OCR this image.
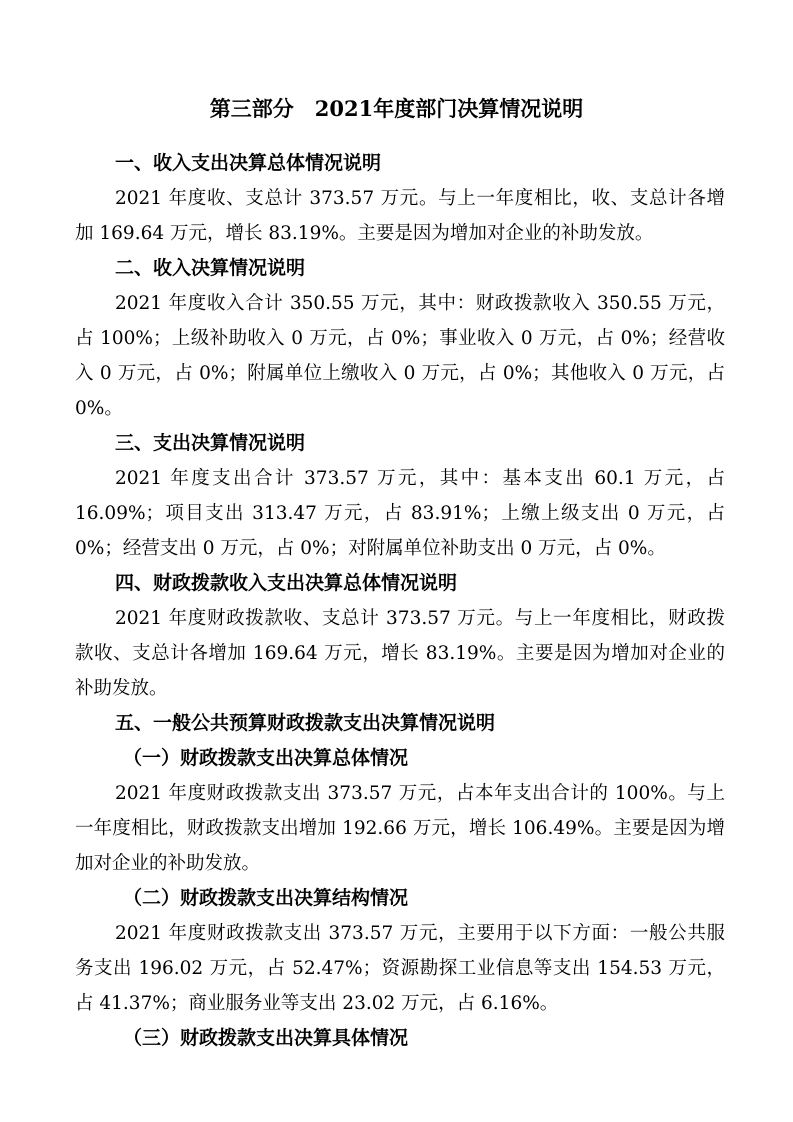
第三部分　2021年度部门决算情况说明
一、收入支出决算总体情况说明

2021 年度收、支总计 373.57 万元。与上一年度相比，收、支总计各增加 169.64 万元，增长 83.19%。主要是因为增加对企业的补助发放。

二、收入决算情况说明

2021 年度收入合计 350.55 万元，其中：财政拨款收入 350.55 万元，占 100%；上级补助收入 0 万元，占 0%；事业收入 0 万元，占 0%；经营收入 0 万元，占 0%；附属单位上缴收入 0 万元，占 0%；其他收入 0 万元，占 0%。

三、支出决算情况说明

2021 年度支出合计 373.57 万元，其中：基本支出 60.1 万元，占 16.09%；项目支出 313.47 万元，占 83.91%；上缴上级支出 0 万元，占 0%；经营支出 0 万元，占 0%；对附属单位补助支出 0 万元，占 0%。

四、财政拨款收入支出决算总体情况说明

2021 年度财政拨款收、支总计 373.57 万元。与上一年度相比，财政拨款收、支总计各增加 169.64 万元，增长 83.19%。主要是因为增加对企业的补助发放。

五、一般公共预算财政拨款支出决算情况说明
（一）财政拨款支出决算总体情况

2021 年度财政拨款支出 373.57 万元，占本年支出合计的 100%。与上一年度相比，财政拨款支出增加 192.66 万元，增长 106.49%。主要是因为增加对企业的补助发放。

（二）财政拨款支出决算结构情况

2021 年度财政拨款支出 373.57 万元，主要用于以下方面：一般公共服务支出 196.02 万元，占 52.47%；资源勘探工业信息等支出 154.53 万元，占 41.37%；商业服务业等支出 23.02 万元，占 6.16%。

（三）财政拨款支出决算具体情况
